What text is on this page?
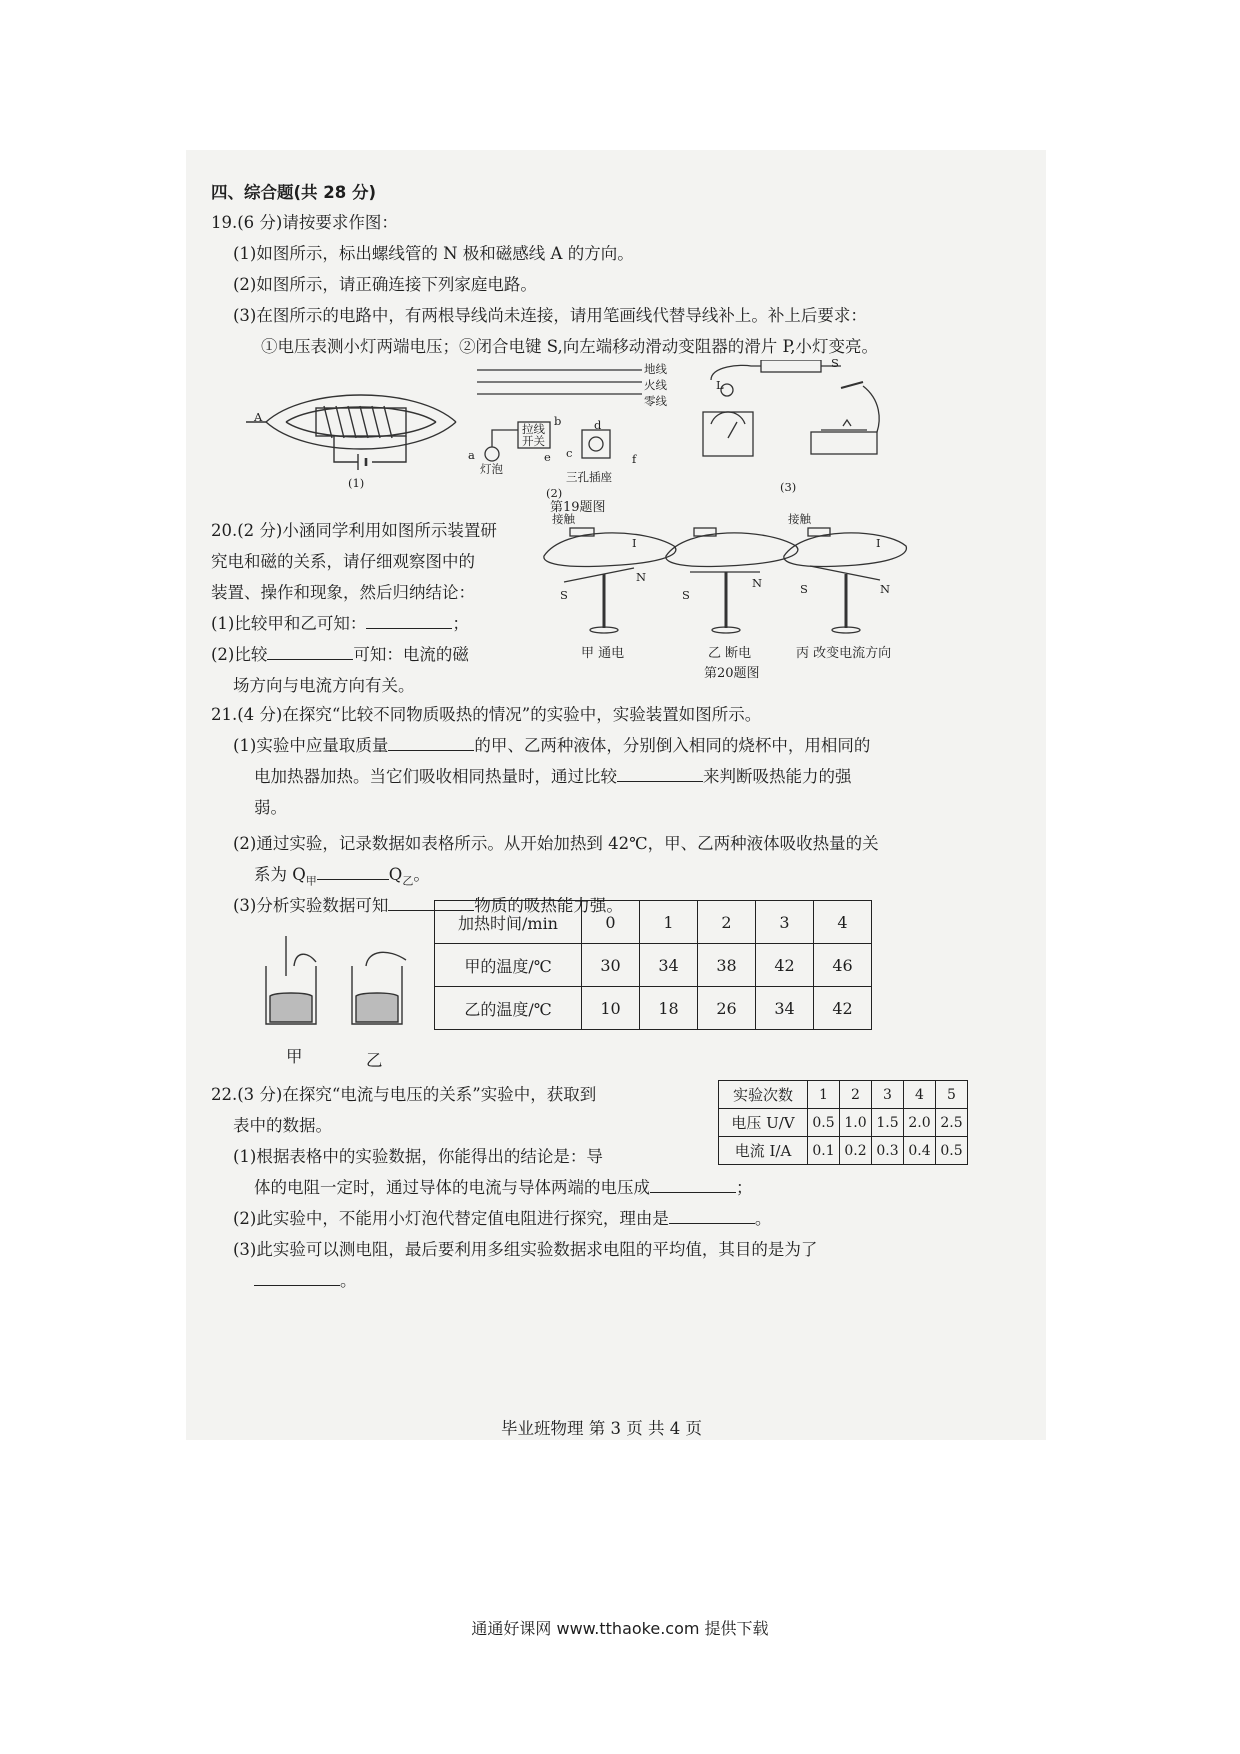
四、综合题(共 28 分)
19.(6 分)请按要求作图：
(1)如图所示，标出螺线管的 N 极和磁感线 A 的方向。
(2)如图所示，请正确连接下列家庭电路。
(3)在图所示的电路中，有两根导线尚未连接，请用笔画线代替导线补上。补上后要求：
①电压表测小灯两端电压；②闭合电键 S,向左端移动滑动变阻器的滑片 P,小灯变亮。
A
(1)
地线
火线
零线
拉线开关
灯泡
三孔插座
a
b
c
d
e	f
(2)
L
S
(3)
第19题图
20.(2 分)小涵同学利用如图所示装置研
究电和磁的关系，请仔细观察图中的
装置、操作和现象，然后归纳结论：
(1)比较甲和乙可知：	；
(2)比较	可知：电流的磁
场方向与电流方向有关。
接触	接触
I	I
S
N
S
N	S	N
甲 通电	乙 断电	丙 改变电流方向
第20题图
21.(4 分)在探究“比较不同物质吸热的情况”的实验中，实验装置如图所示。
(1)实验中应量取质量	的甲、乙两种液体，分别倒入相同的烧杯中，用相同的
电加热器加热。当它们吸收相同热量时，通过比较	来判断吸热能力的强
弱。
(2)通过实验，记录数据如表格所示。从开始加热到 42℃，甲、乙两种液体吸收热量的关
系为 $Q_甲$	$Q_乙$。
(3)分析实验数据可知	物质的吸热能力强。
甲	乙
加热时间/min	0	1	2	3	4
甲的温度/℃	30	34	38	42	46
乙的温度/℃	10	18	26	34	42
22.(3 分)在探究“电流与电压的关系”实验中，获取到
表中的数据。
(1)根据表格中的实验数据，你能得出的结论是：导
体的电阻一定时，通过导体的电流与导体两端的电压成	；
(2)此实验中，不能用小灯泡代替定值电阻进行探究，理由是	。
(3)此实验可以测电阻，最后要利用多组实验数据求电阻的平均值，其目的是为了
。
实验次数	1	2	3	4	5
电压 U/V	0.5	1.0	1.5	2.0	2.5
电流 I/A	0.1	0.2	0.3	0.4	0.5
毕业班物理 第 3 页 共 4 页
通通好课网 www.tthaoke.com 提供下载
